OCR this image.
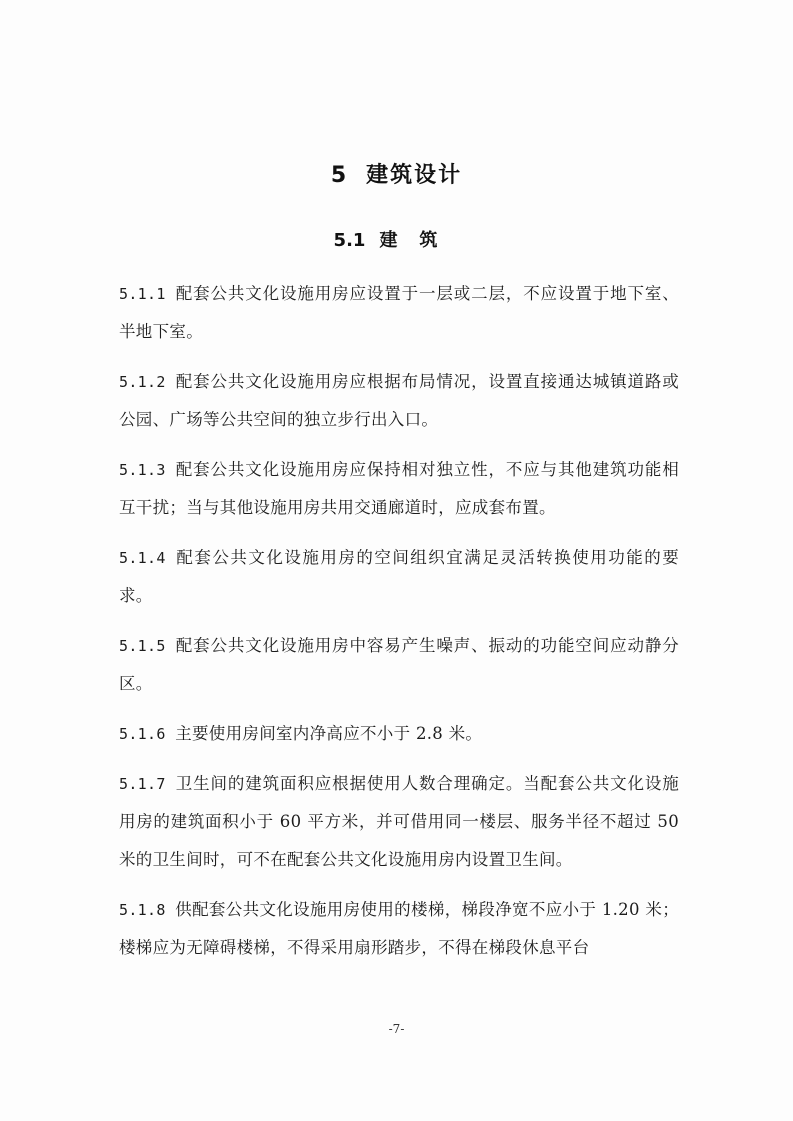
5 建筑设计
5.1 建筑

5.1.1 配套公共文化设施用房应设置于一层或二层，不应设置于地下室、半地下室。

5.1.2 配套公共文化设施用房应根据布局情况，设置直接通达城镇道路或公园、广场等公共空间的独立步行出入口。

5.1.3 配套公共文化设施用房应保持相对独立性，不应与其他建筑功能相互干扰；当与其他设施用房共用交通廊道时，应成套布置。

5.1.4 配套公共文化设施用房的空间组织宜满足灵活转换使用功能的要求。

5.1.5 配套公共文化设施用房中容易产生噪声、振动的功能空间应动静分区。

5.1.6 主要使用房间室内净高应不小于 2.8 米。

5.1.7 卫生间的建筑面积应根据使用人数合理确定。当配套公共文化设施用房的建筑面积小于 60 平方米，并可借用同一楼层、服务半径不超过 50 米的卫生间时，可不在配套公共文化设施用房内设置卫生间。

5.1.8 供配套公共文化设施用房使用的楼梯，梯段净宽不应小于 1.20 米；楼梯应为无障碍楼梯，不得采用扇形踏步，不得在梯段休息平台

-7-
